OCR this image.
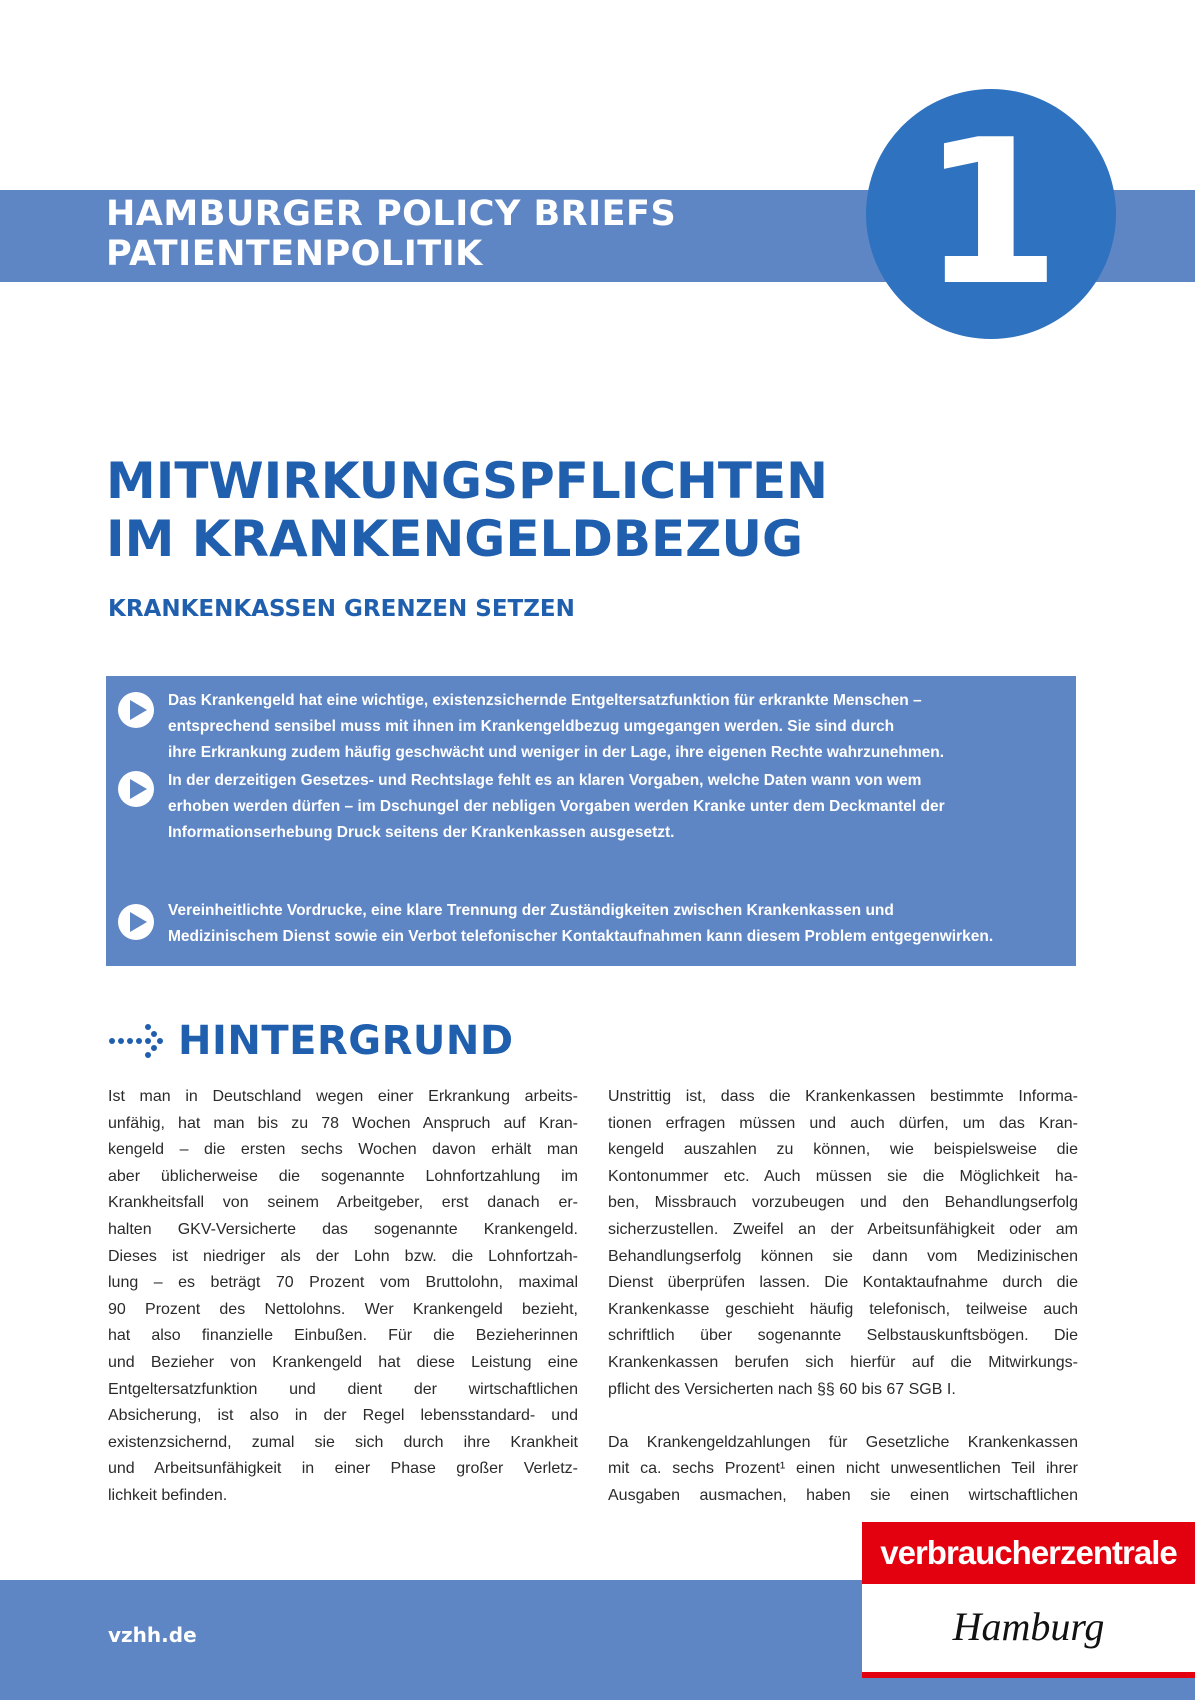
HAMBURGER POLICY BRIEFS
PATIENTENPOLITIK	1
MITWIRKUNGSPFLICHTEN
IM KRANKENGELDBEZUG
KRANKENKASSEN GRENZEN SETZEN
Das Krankengeld hat eine wichtige, existenzsichernde Entgeltersatzfunktion für erkrankte Menschen –
entsprechend sensibel muss mit ihnen im Krankengeldbezug umgegangen werden. Sie sind durch
ihre Erkrankung zudem häufig geschwächt und weniger in der Lage, ihre eigenen Rechte wahrzunehmen.
In der derzeitigen Gesetzes- und Rechtslage fehlt es an klaren Vorgaben, welche Daten wann von wem
erhoben werden dürfen – im Dschungel der nebligen Vorgaben werden Kranke unter dem Deckmantel der
Informationserhebung Druck seitens der Krankenkassen ausgesetzt.
Vereinheitlichte Vordrucke, eine klare Trennung der Zuständigkeiten zwischen Krankenkassen und
Medizinischem Dienst sowie ein Verbot telefonischer Kontaktaufnahmen kann diesem Problem entgegenwirken.
HINTERGRUND
Ist man in Deutschland wegen einer Erkrankung arbeits-
unfähig, hat man bis zu 78 Wochen Anspruch auf Kran-
kengeld – die ersten sechs Wochen davon erhält man
aber üblicherweise die sogenannte Lohnfortzahlung im
Krankheitsfall von seinem Arbeitgeber, erst danach er-
halten GKV-Versicherte das sogenannte Krankengeld.
Dieses ist niedriger als der Lohn bzw. die Lohnfortzah-
lung – es beträgt 70 Prozent vom Bruttolohn, maximal
90 Prozent des Nettolohns. Wer Krankengeld bezieht,
hat also finanzielle Einbußen. Für die Bezieherinnen
und Bezieher von Krankengeld hat diese Leistung eine
Entgeltersatzfunktion und dient der wirtschaftlichen
Absicherung, ist also in der Regel lebensstandard- und
existenzsichernd, zumal sie sich durch ihre Krankheit
und Arbeitsunfähigkeit in einer Phase großer Verletz-
lichkeit befinden.
Unstrittig ist, dass die Krankenkassen bestimmte Informa-
tionen erfragen müssen und auch dürfen, um das Kran-
kengeld auszahlen zu können, wie beispielsweise die
Kontonummer etc. Auch müssen sie die Möglichkeit ha-
ben, Missbrauch vorzubeugen und den Behandlungserfolg
sicherzustellen. Zweifel an der Arbeitsunfähigkeit oder am
Behandlungserfolg können sie dann vom Medizinischen
Dienst überprüfen lassen. Die Kontaktaufnahme durch die
Krankenkasse geschieht häufig telefonisch, teilweise auch
schriftlich über sogenannte Selbstauskunftsbögen. Die
Krankenkassen berufen sich hierfür auf die Mitwirkungs-
pflicht des Versicherten nach §§ 60 bis 67 SGB I.
Da Krankengeldzahlungen für Gesetzliche Krankenkassen
mit ca. sechs Prozent¹ einen nicht unwesentlichen Teil ihrer
Ausgaben ausmachen, haben sie einen wirtschaftlichen
vzhh.de
verbraucherzentrale
Hamburg
